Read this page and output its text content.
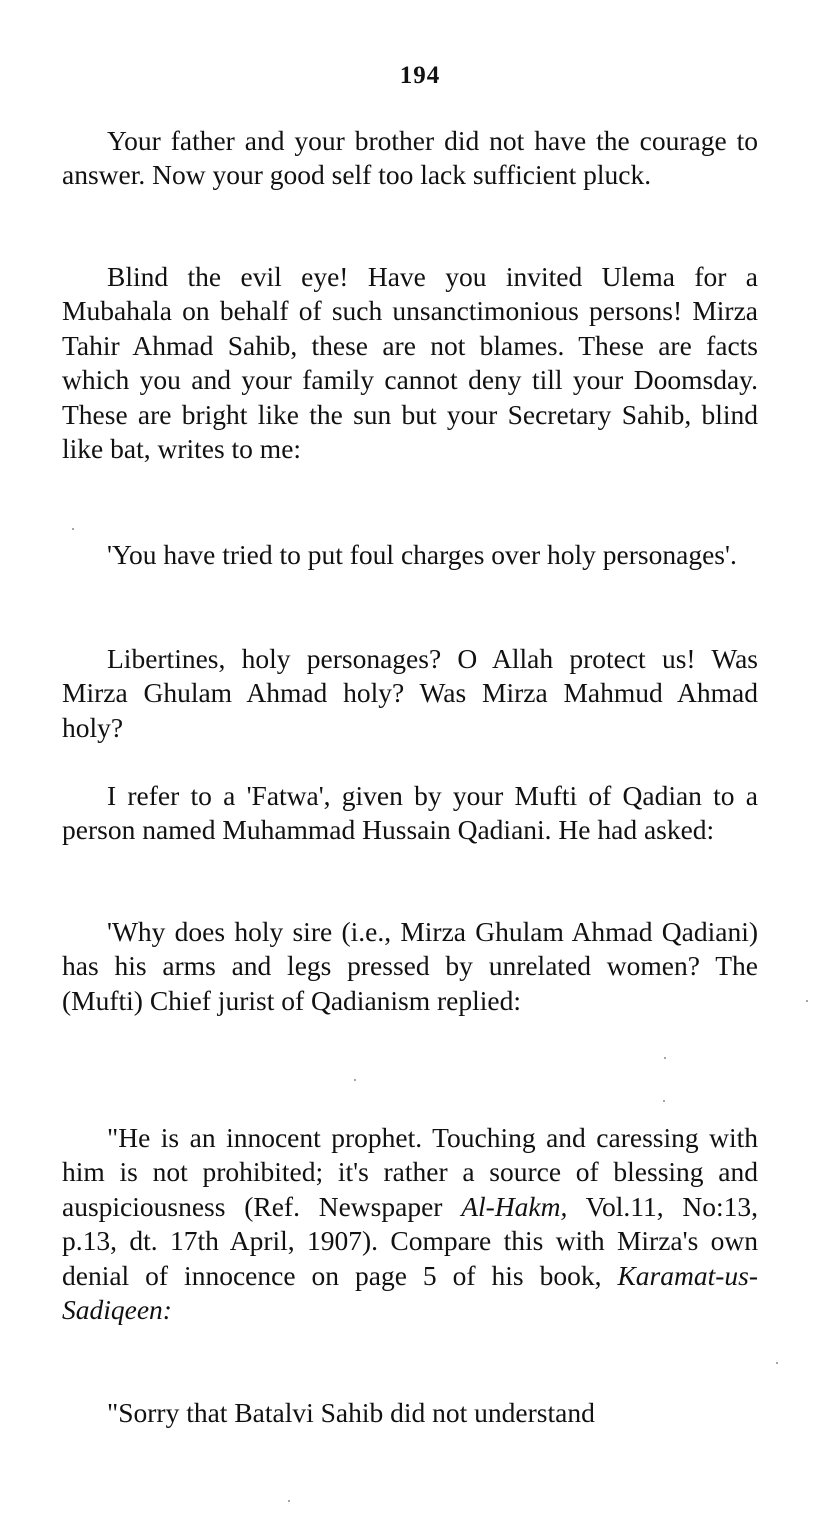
194
Your father and your brother did not have the courage to answer. Now your good self too lack sufficient pluck.
Blind the evil eye! Have you invited Ulema for a Mubahala on behalf of such unsanctimonious persons! Mirza Tahir Ahmad Sahib, these are not blames. These are facts which you and your family cannot deny till your Doomsday. These are bright like the sun but your Secretary Sahib, blind like bat, writes to me:
'You have tried to put foul charges over holy personages'.
Libertines, holy personages? O Allah protect us! Was Mirza Ghulam Ahmad holy? Was Mirza Mahmud Ahmad holy?
I refer to a 'Fatwa', given by your Mufti of Qadian to a person named Muhammad Hussain Qadiani. He had asked:
'Why does holy sire (i.e., Mirza Ghulam Ahmad Qadiani) has his arms and legs pressed by unrelated women? The (Mufti) Chief jurist of Qadianism replied:
"He is an innocent prophet. Touching and caressing with him is not prohibited; it's rather a source of blessing and auspiciousness (Ref. Newspaper Al-Hakm, Vol.11, No:13, p.13, dt. 17th April, 1907). Compare this with Mirza's own denial of innocence on page 5 of his book, Karamat-us-Sadiqeen:
"Sorry that Batalvi Sahib did not understand
